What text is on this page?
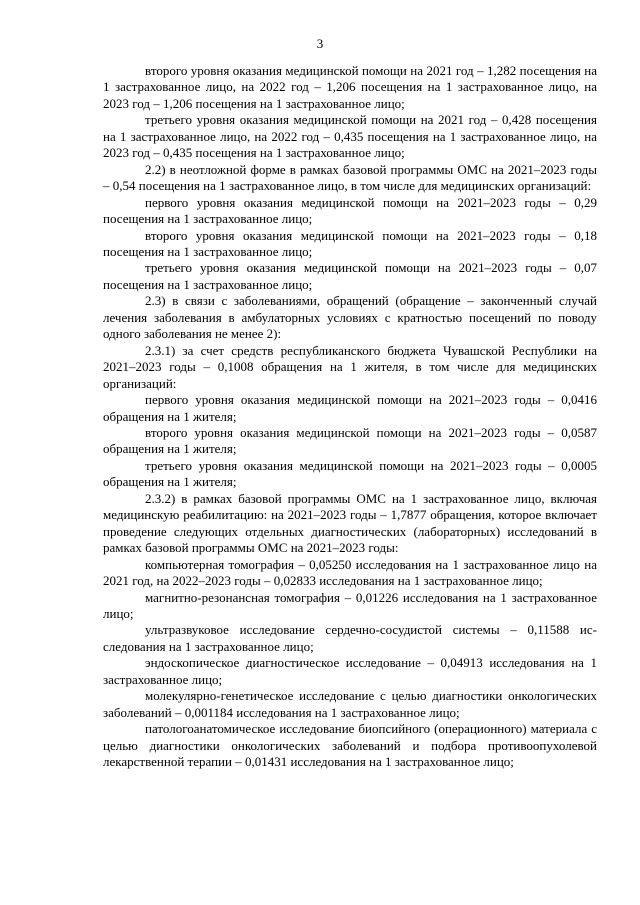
3

второго уровня оказания медицинской помощи на 2021 год – 1,282 посещения на 1 застрахованное лицо, на 2022 год – 1,206 посещения на 1 застрахованное лицо, на 2023 год – 1,206 посещения на 1 застрахованное лицо;

третьего уровня оказания медицинской помощи на 2021 год – 0,428 посещения на 1 застрахованное лицо, на 2022 год – 0,435 посещения на 1 застрахованное лицо, на 2023 год – 0,435 посещения на 1 застрахованное лицо;

2.2) в неотложной форме в рамках базовой программы ОМС на 2021–2023 годы – 0,54 посещения на 1 застрахованное лицо, в том числе для медицинских организаций:

первого уровня оказания медицинской помощи на 2021–2023 годы – 0,29 посещения на 1 застрахованное лицо;

второго уровня оказания медицинской помощи на 2021–2023 годы – 0,18 посещения на 1 застрахованное лицо;

третьего уровня оказания медицинской помощи на 2021–2023 годы – 0,07 посещения на 1 застрахованное лицо;

2.3) в связи с заболеваниями, обращений (обращение – законченный случай лечения заболевания в амбулаторных условиях с кратностью посещений по поводу одного заболевания не менее 2):

2.3.1) за счет средств республиканского бюджета Чувашской Республики на 2021–2023 годы – 0,1008 обращения на 1 жителя, в том числе для медицинских организаций:

первого уровня оказания медицинской помощи на 2021–2023 годы – 0,0416 обращения на 1 жителя;

второго уровня оказания медицинской помощи на 2021–2023 годы – 0,0587 обращения на 1 жителя;

третьего уровня оказания медицинской помощи на 2021–2023 годы – 0,0005 обращения на 1 жителя;

2.3.2) в рамках базовой программы ОМС на 1 застрахованное лицо, включая медицинскую реабилитацию: на 2021–2023 годы – 1,7877 обращения, которое включает проведение следующих отдельных диагностических (лабораторных) исследований в рамках базовой программы ОМС на 2021–2023 годы:

компьютерная томография – 0,05250 исследования на 1 застрахованное лицо на 2021 год, на 2022–2023 годы – 0,02833 исследования на 1 застрахованное лицо;

магнитно-резонансная томография – 0,01226 исследования на 1 застрахованное лицо;

ультразвуковое исследование сердечно-сосудистой системы – 0,11588 исследования на 1 застрахованное лицо;

эндоскопическое диагностическое исследование – 0,04913 исследования на 1 застрахованное лицо;

молекулярно-генетическое исследование с целью диагностики онкологических заболеваний – 0,001184 исследования на 1 застрахованное лицо;

патологоанатомическое исследование биопсийного (операционного) материала с целью диагностики онкологических заболеваний и подбора противоопухолевой лекарственной терапии – 0,01431 исследования на 1 застрахованное лицо;
